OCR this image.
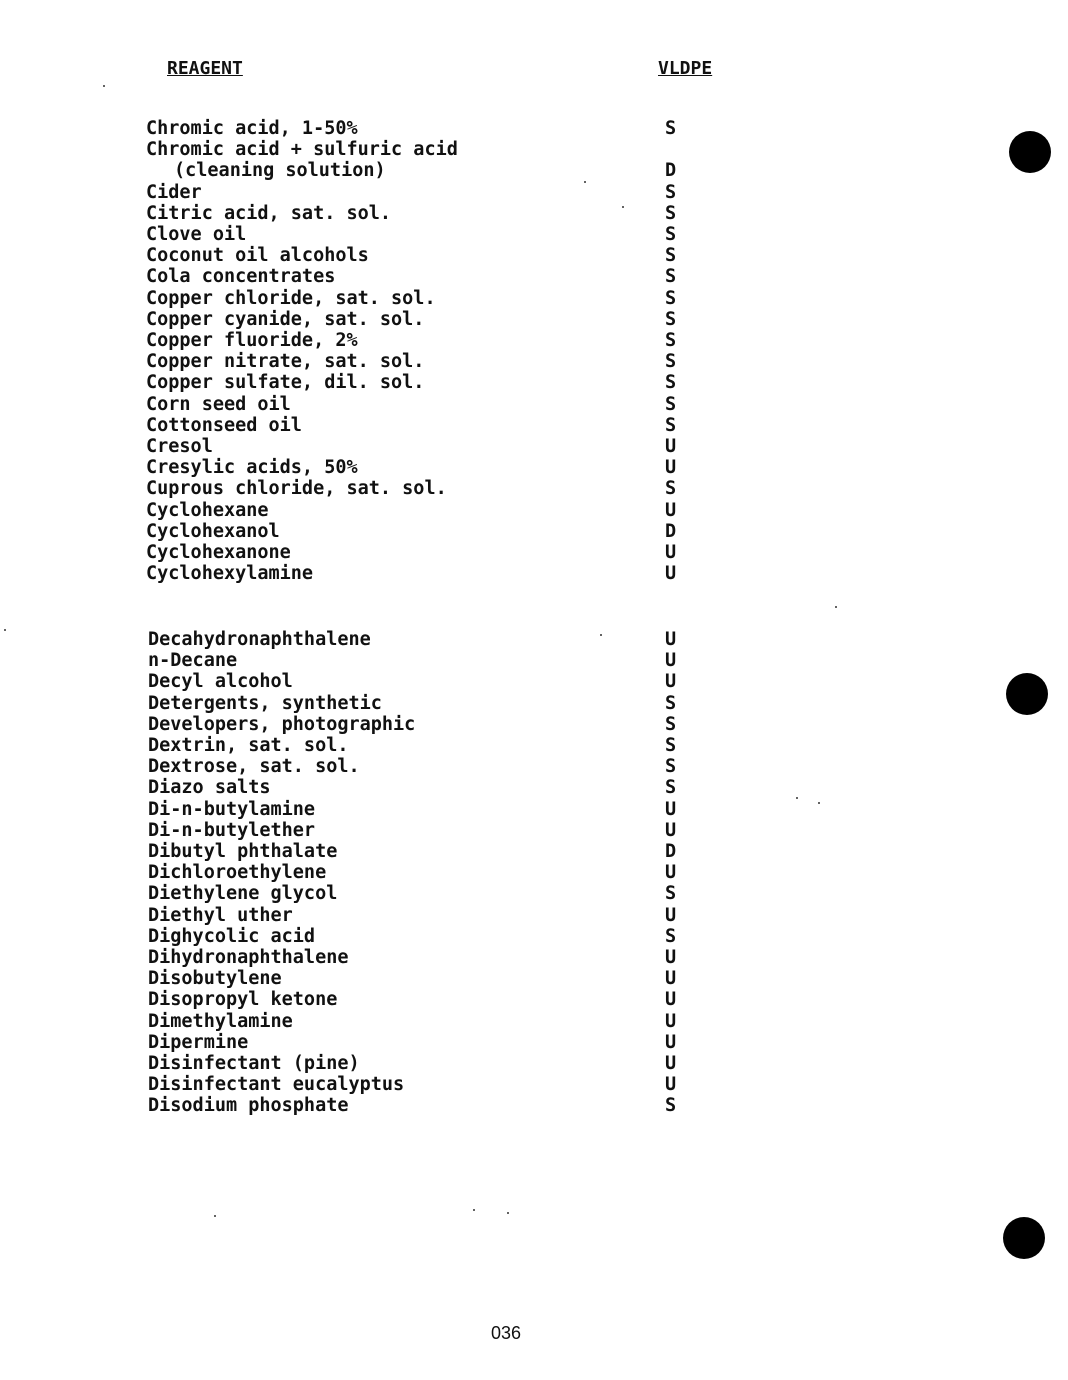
REAGENT	VLDPE
Chromic acid, 1-50%	S
Chromic acid + sulfuric acid
(cleaning solution)	D
Cider	S
Citric acid, sat. sol.	S
Clove oil	S
Coconut oil alcohols	S
Cola concentrates	S
Copper chloride, sat. sol.	S
Copper cyanide, sat. sol.	S
Copper fluoride, 2%	S
Copper nitrate, sat. sol.	S
Copper sulfate, dil. sol.	S
Corn seed oil	S
Cottonseed oil	S
Cresol	U
Cresylic acids, 50%	U
Cuprous chloride, sat. sol.	S
Cyclohexane	U
Cyclohexanol	D
Cyclohexanone	U
Cyclohexylamine	U
Decahydronaphthalene	U
n-Decane	U
Decyl alcohol	U
Detergents, synthetic	S
Developers, photographic	S
Dextrin, sat. sol.	S
Dextrose, sat. sol.	S
Diazo salts	S
Di-n-butylamine	U
Di-n-butylether	U
Dibutyl phthalate	D
Dichloroethylene	U
Diethylene glycol	S
Diethyl uther	U
Dighycolic acid	S
Dihydronaphthalene	U
Disobutylene	U
Disopropyl ketone	U
Dimethylamine	U
Dipermine	U
Disinfectant (pine)	U
Disinfectant eucalyptus	U
Disodium phosphate	S
036
